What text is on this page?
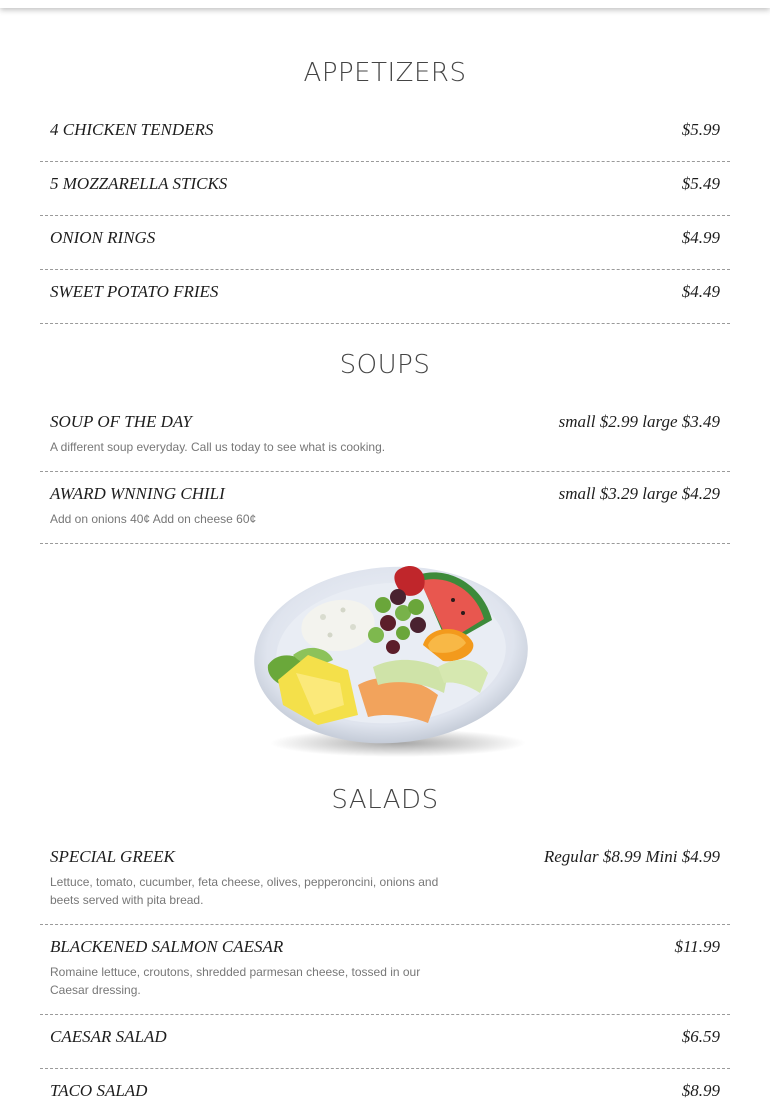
APPETIZERS
4 CHICKEN TENDERS	$5.99
5 MOZZARELLA STICKS	$5.49
ONION RINGS	$4.99
SWEET POTATO FRIES	$4.49
SOUPS
SOUP OF THE DAY	small $2.99 large $3.49
A different soup everyday. Call us today to see what is cooking.
AWARD WNNING CHILI	small $3.29 large $4.29
Add on onions 40¢ Add on cheese 60¢
SALADS
SPECIAL GREEK	Regular $8.99 Mini $4.99
Lettuce, tomato, cucumber, feta cheese, olives, pepperoncini, onions and beets served with pita bread.
BLACKENED SALMON CAESAR	$11.99
Romaine lettuce, croutons, shredded parmesan cheese, tossed in our Caesar dressing.
CAESAR SALAD	$6.59
TACO SALAD	$8.99
